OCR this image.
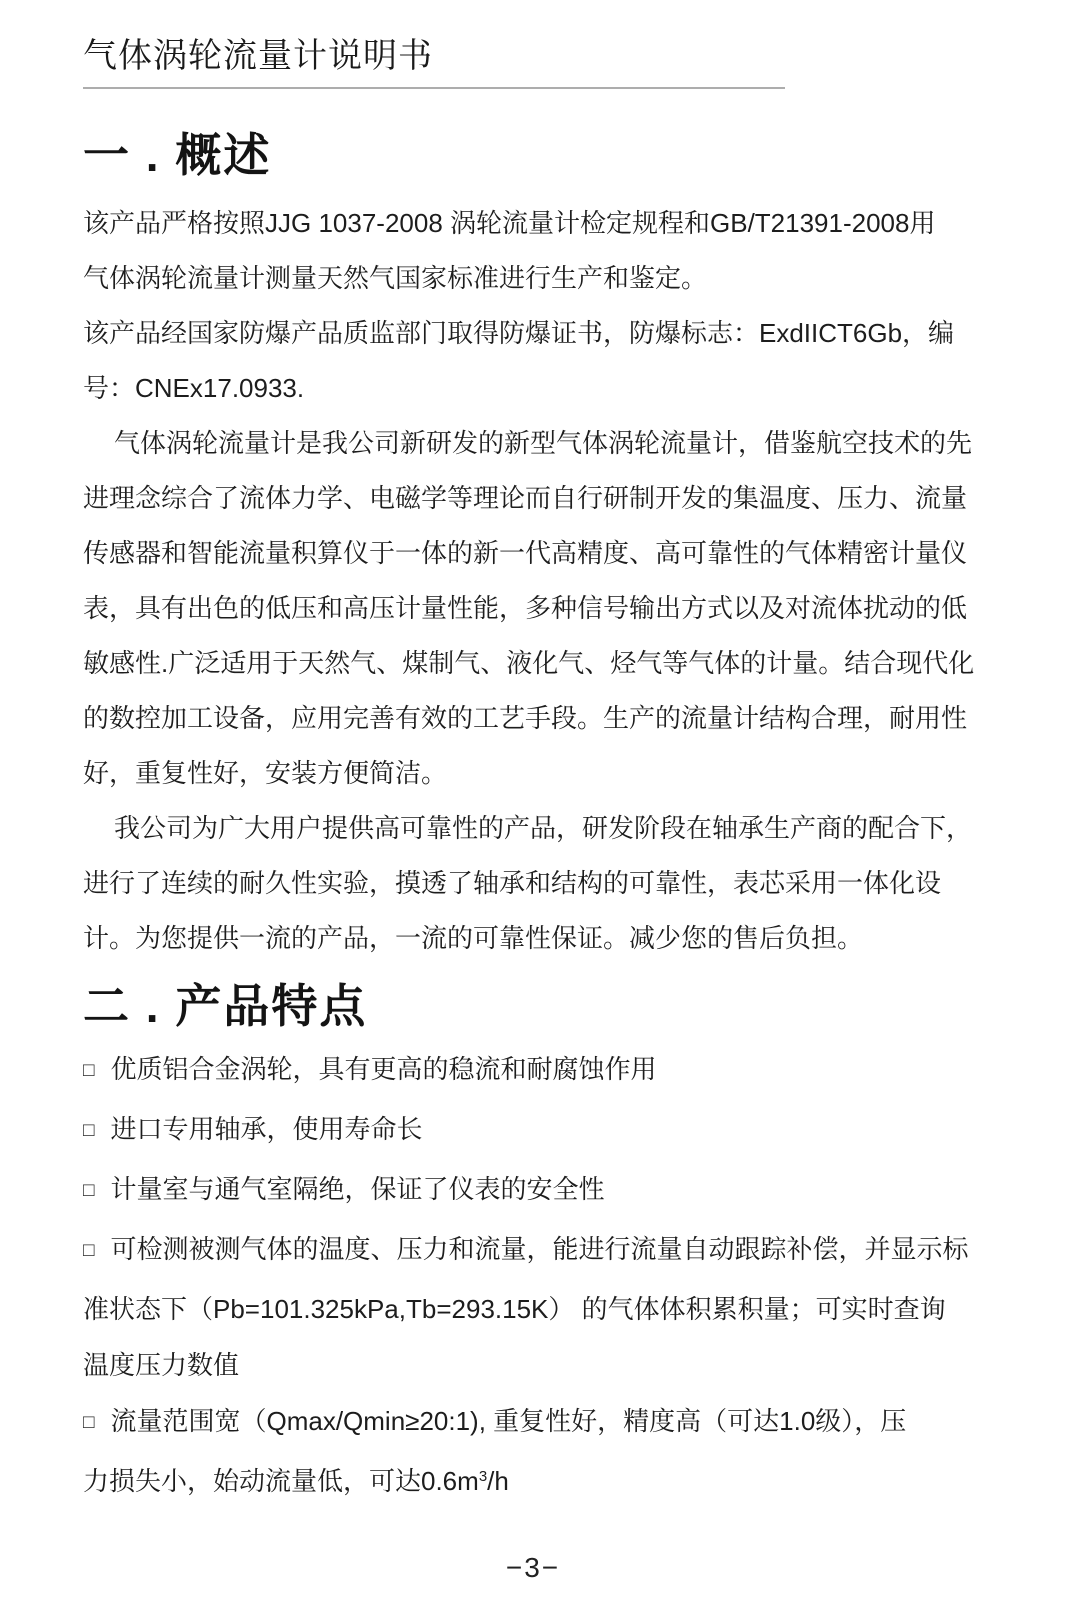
气体涡轮流量计说明书
一 . 概述
该产品严格按照JJG 1037-2008 涡轮流量计检定规程和GB/T21391-2008用
气体涡轮流量计测量天然气国家标准进行生产和鉴定。
该产品经国家防爆产品质监部门取得防爆证书，防爆标志：ExdIICT6Gb，编
号：CNEx17.0933.
气体涡轮流量计是我公司新研发的新型气体涡轮流量计，借鉴航空技术的先
进理念综合了流体力学、电磁学等理论而自行研制开发的集温度、压力、流量
传感器和智能流量积算仪于一体的新一代高精度、高可靠性的气体精密计量仪
表，具有出色的低压和高压计量性能，多种信号输出方式以及对流体扰动的低
敏感性.广泛适用于天然气、煤制气、液化气、烃气等气体的计量。结合现代化
的数控加工设备，应用完善有效的工艺手段。生产的流量计结构合理，耐用性
好，重复性好，安装方便简洁。
我公司为广大用户提供高可靠性的产品，研发阶段在轴承生产商的配合下，
进行了连续的耐久性实验，摸透了轴承和结构的可靠性，表芯采用一体化设
计。为您提供一流的产品，一流的可靠性保证。减少您的售后负担。
二 . 产品特点
□ 优质铝合金涡轮，具有更高的稳流和耐腐蚀作用
□ 进口专用轴承，使用寿命长
□ 计量室与通气室隔绝，保证了仪表的安全性
□ 可检测被测气体的温度、压力和流量，能进行流量自动跟踪补偿，并显示标
准状态下（Pb=101.325kPa,Tb=293.15K） 的气体体积累积量；可实时查询
温度压力数值
□ 流量范围宽（Qmax/Qmin≥20:1), 重复性好，精度高（可达1.0级），压
力损失小，始动流量低，可达$0.6m^3/h$
−3−
